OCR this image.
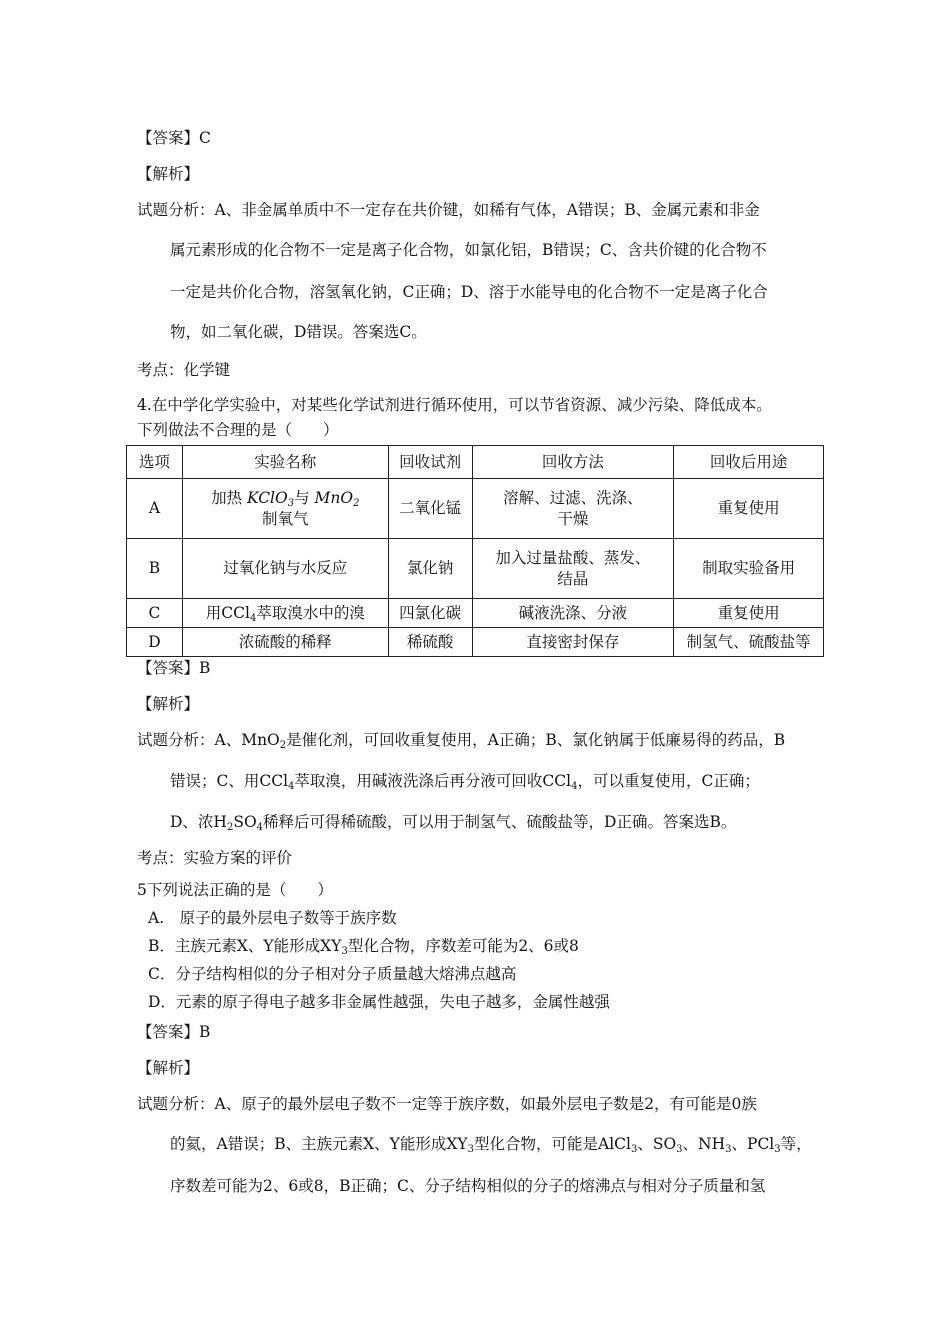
【答案】C
【解析】
试题分析：A、非金属单质中不一定存在共价键，如稀有气体，A错误；B、金属元素和非金
属元素形成的化合物不一定是离子化合物，如氯化铝，B错误；C、含共价键的化合物不
一定是共价化合物，溶氢氧化钠，C正确；D、溶于水能导电的化合物不一定是离子化合
物，如二氧化碳，D错误。答案选C。
考点：化学键
4.在中学化学实验中，对某些化学试剂进行循环使用，可以节省资源、减少污染、降低成本。
下列做法不合理的是（　　）
选项	实验名称	回收试剂	回收方法	回收后用途
A	加热 KClO$_3$与 MnO$_2$
制氧气	二氧化锰	溶解、过滤、洗涤、
干燥	重复使用
B	过氧化钠与水反应	氯化钠	加入过量盐酸、蒸发、
结晶	制取实验备用
C	用CCl$_4$萃取溴水中的溴	四氯化碳	碱液洗涤、分液	重复使用
D	浓硫酸的稀释	稀硫酸	直接密封保存	制氢气、硫酸盐等
【答案】B
【解析】
试题分析：A、MnO$_2$是催化剂，可回收重复使用，A正确；B、氯化钠属于低廉易得的药品，B
错误；C、用CCl$_4$萃取溴，用碱液洗涤后再分液可回收CCl$_4$，可以重复使用，C正确；
D、浓$H_2SO_4$稀释后可得稀硫酸，可以用于制氢气、硫酸盐等，D正确。答案选B。
考点：实验方案的评价
5下列说法正确的是（　　）
A.　原子的最外层电子数等于族序数
B．主族元素X、Y能形成$XY_3$型化合物，序数差可能为2、6或8
C．分子结构相似的分子相对分子质量越大熔沸点越高
D．元素的原子得电子越多非金属性越强，失电子越多，金属性越强
【答案】B
【解析】
试题分析：A、原子的最外层电子数不一定等于族序数，如最外层电子数是2，有可能是0族
的氦，A错误；B、主族元素X、Y能形成$XY_3$型化合物，可能是AlCl$_3$、$SO_3$、$NH_3$、PCl$_3$等，
序数差可能为2、6或8，B正确；C、分子结构相似的分子的熔沸点与相对分子质量和氢
